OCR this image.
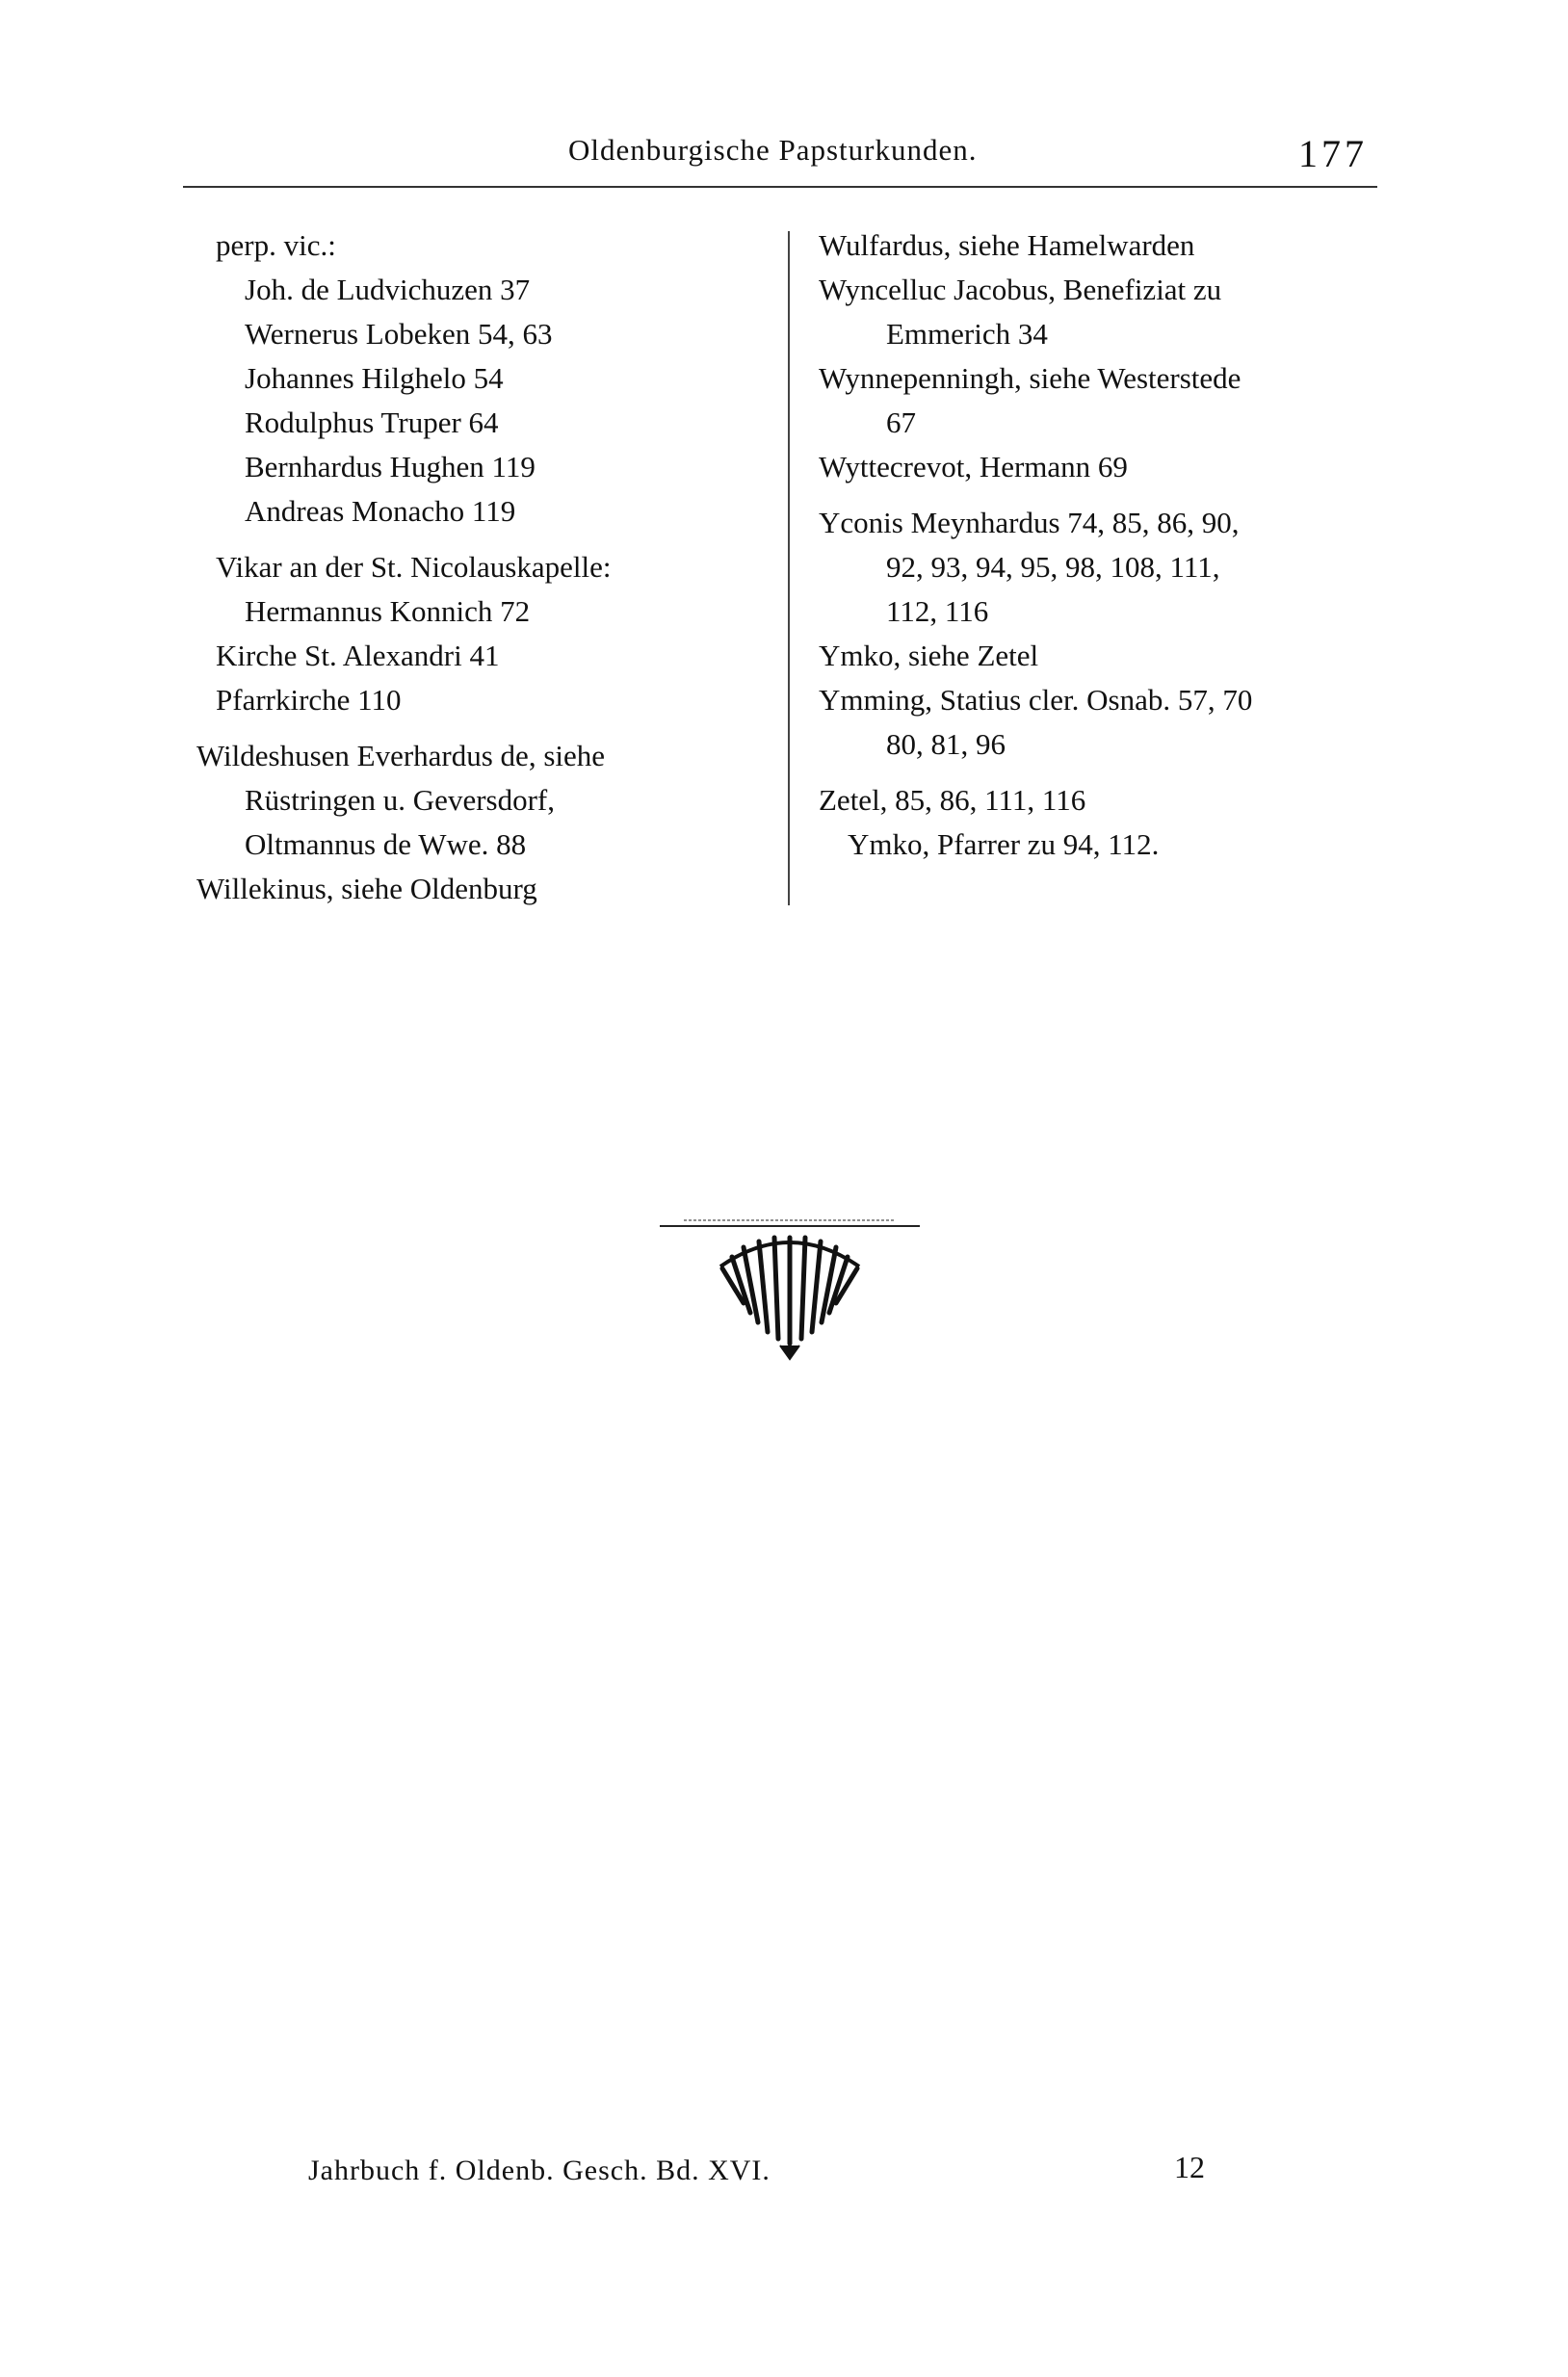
Oldenburgische Papsturkunden.	177
perp. vic.:
Joh. de Ludvichuzen 37
Wernerus Lobeken 54, 63
Johannes Hilghelo 54
Rodulphus Truper 64
Bernhardus Hughen 119
Andreas Monacho 119
Vikar an der St. Nicolauskapelle:
Hermannus Konnich 72
Kirche St. Alexandri 41
Pfarrkirche 110
Wildeshusen Everhardus de, siehe
Rüstringen u. Geversdorf,
Oltmannus de Wwe. 88
Willekinus, siehe Oldenburg
Wulfardus, siehe Hamelwarden
Wyncelluc Jacobus, Benefiziat zu
Emmerich 34
Wynnepenningh, siehe Westerstede
67
Wyttecrevot, Hermann 69
Yconis Meynhardus 74, 85, 86, 90,
92, 93, 94, 95, 98, 108, 111,
112, 116
Ymko, siehe Zetel
Ymming, Statius cler. Osnab. 57, 70
80, 81, 96
Zetel, 85, 86, 111, 116
Ymko, Pfarrer zu 94, 112.
Jahrbuch f. Oldenb. Gesch. Bd. XVI.	12
